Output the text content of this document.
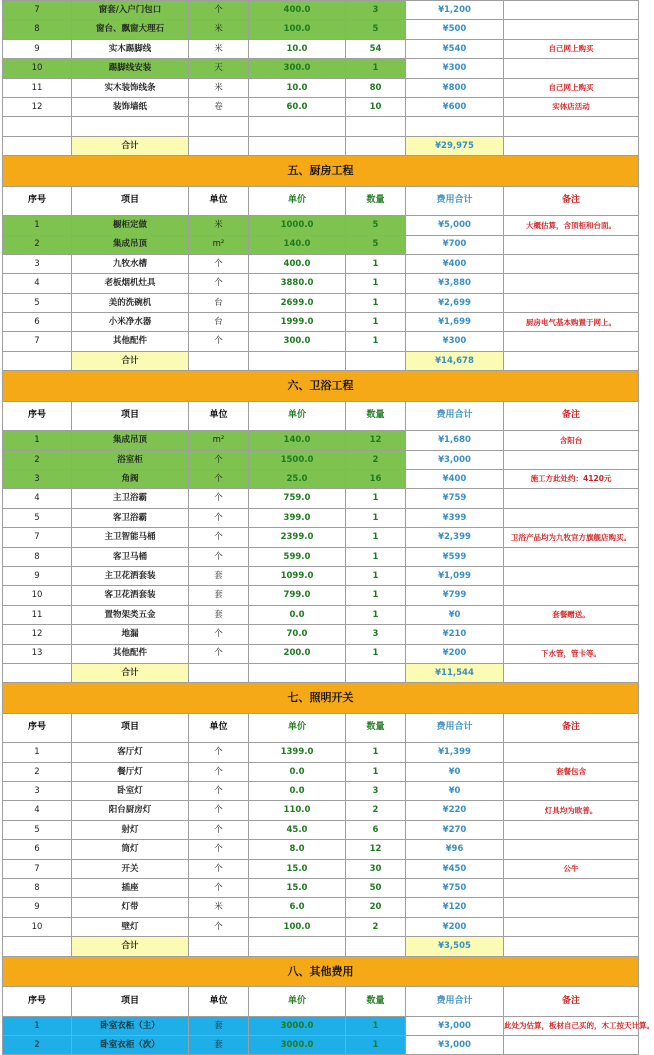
7	窗套/入户门包口	个	400.0	3	¥1,200	
8	窗台、飘窗大理石	米	100.0	5	¥500	
9	实木踢脚线	米	10.0	54	¥540	自己网上购买
10	踢脚线安装	天	300.0	1	¥300	
11	实木装饰线条	米	10.0	80	¥800	自己网上购买
12	装饰墙纸	卷	60.0	10	¥600	实体店活动

	合计				¥29,975	
五、厨房工程						
序号	项目	单位	单价	数量	费用合计	备注
1	橱柜定做	米	1000.0	5	¥5,000	大概估算，含顶柜和台面。
2	集成吊顶	m²	140.0	5	¥700	
3	九牧水槽	个	400.0	1	¥400	
4	老板烟机灶具	个	3880.0	1	¥3,880	
5	美的洗碗机	台	2699.0	1	¥2,699	
6	小米净水器	台	1999.0	1	¥1,699	厨房电气基本购置于网上。
7	其他配件	个	300.0	1	¥300	
	合计				¥14,678	
六、卫浴工程						
序号	项目	单位	单价	数量	费用合计	备注
1	集成吊顶	m²	140.0	12	¥1,680	含阳台
2	浴室柜	个	1500.0	2	¥3,000	
3	角阀	个	25.0	16	¥400	施工方此处约：4120元
4	主卫浴霸	个	759.0	1	¥759	
5	客卫浴霸	个	399.0	1	¥399	
7	主卫智能马桶	个	2399.0	1	¥2,399	卫浴产品均为九牧官方旗舰店购买。
8	客卫马桶	个	599.0	1	¥599	
9	主卫花洒套装	套	1099.0	1	¥1,099	
10	客卫花洒套装	套	799.0	1	¥799	
11	置物架类五金	套	0.0	1	¥0	套餐赠送。
12	地漏	个	70.0	3	¥210	
13	其他配件	个	200.0	1	¥200	下水管，管卡等。
	合计				¥11,544	
七、照明开关						
序号	项目	单位	单价	数量	费用合计	备注
1	客厅灯	个	1399.0	1	¥1,399	
2	餐厅灯	个	0.0	1	¥0	套餐包含
3	卧室灯	个	0.0	3	¥0	
4	阳台厨房灯	个	110.0	2	¥220	灯具均为欧普。
5	射灯	个	45.0	6	¥270	
6	筒灯	个	8.0	12	¥96	
7	开关	个	15.0	30	¥450	公牛
8	插座	个	15.0	50	¥750	
9	灯带	米	6.0	20	¥120	
10	壁灯	个	100.0	2	¥200	
	合计				¥3,505	
八、其他费用						
序号	项目	单位	单价	数量	费用合计	备注
1	卧室衣柜（主）	套	3000.0	1	¥3,000	此处为估算，板材自己买的，木工按天计算。
2	卧室衣柜（次）	套	3000.0	1	¥3,000	
